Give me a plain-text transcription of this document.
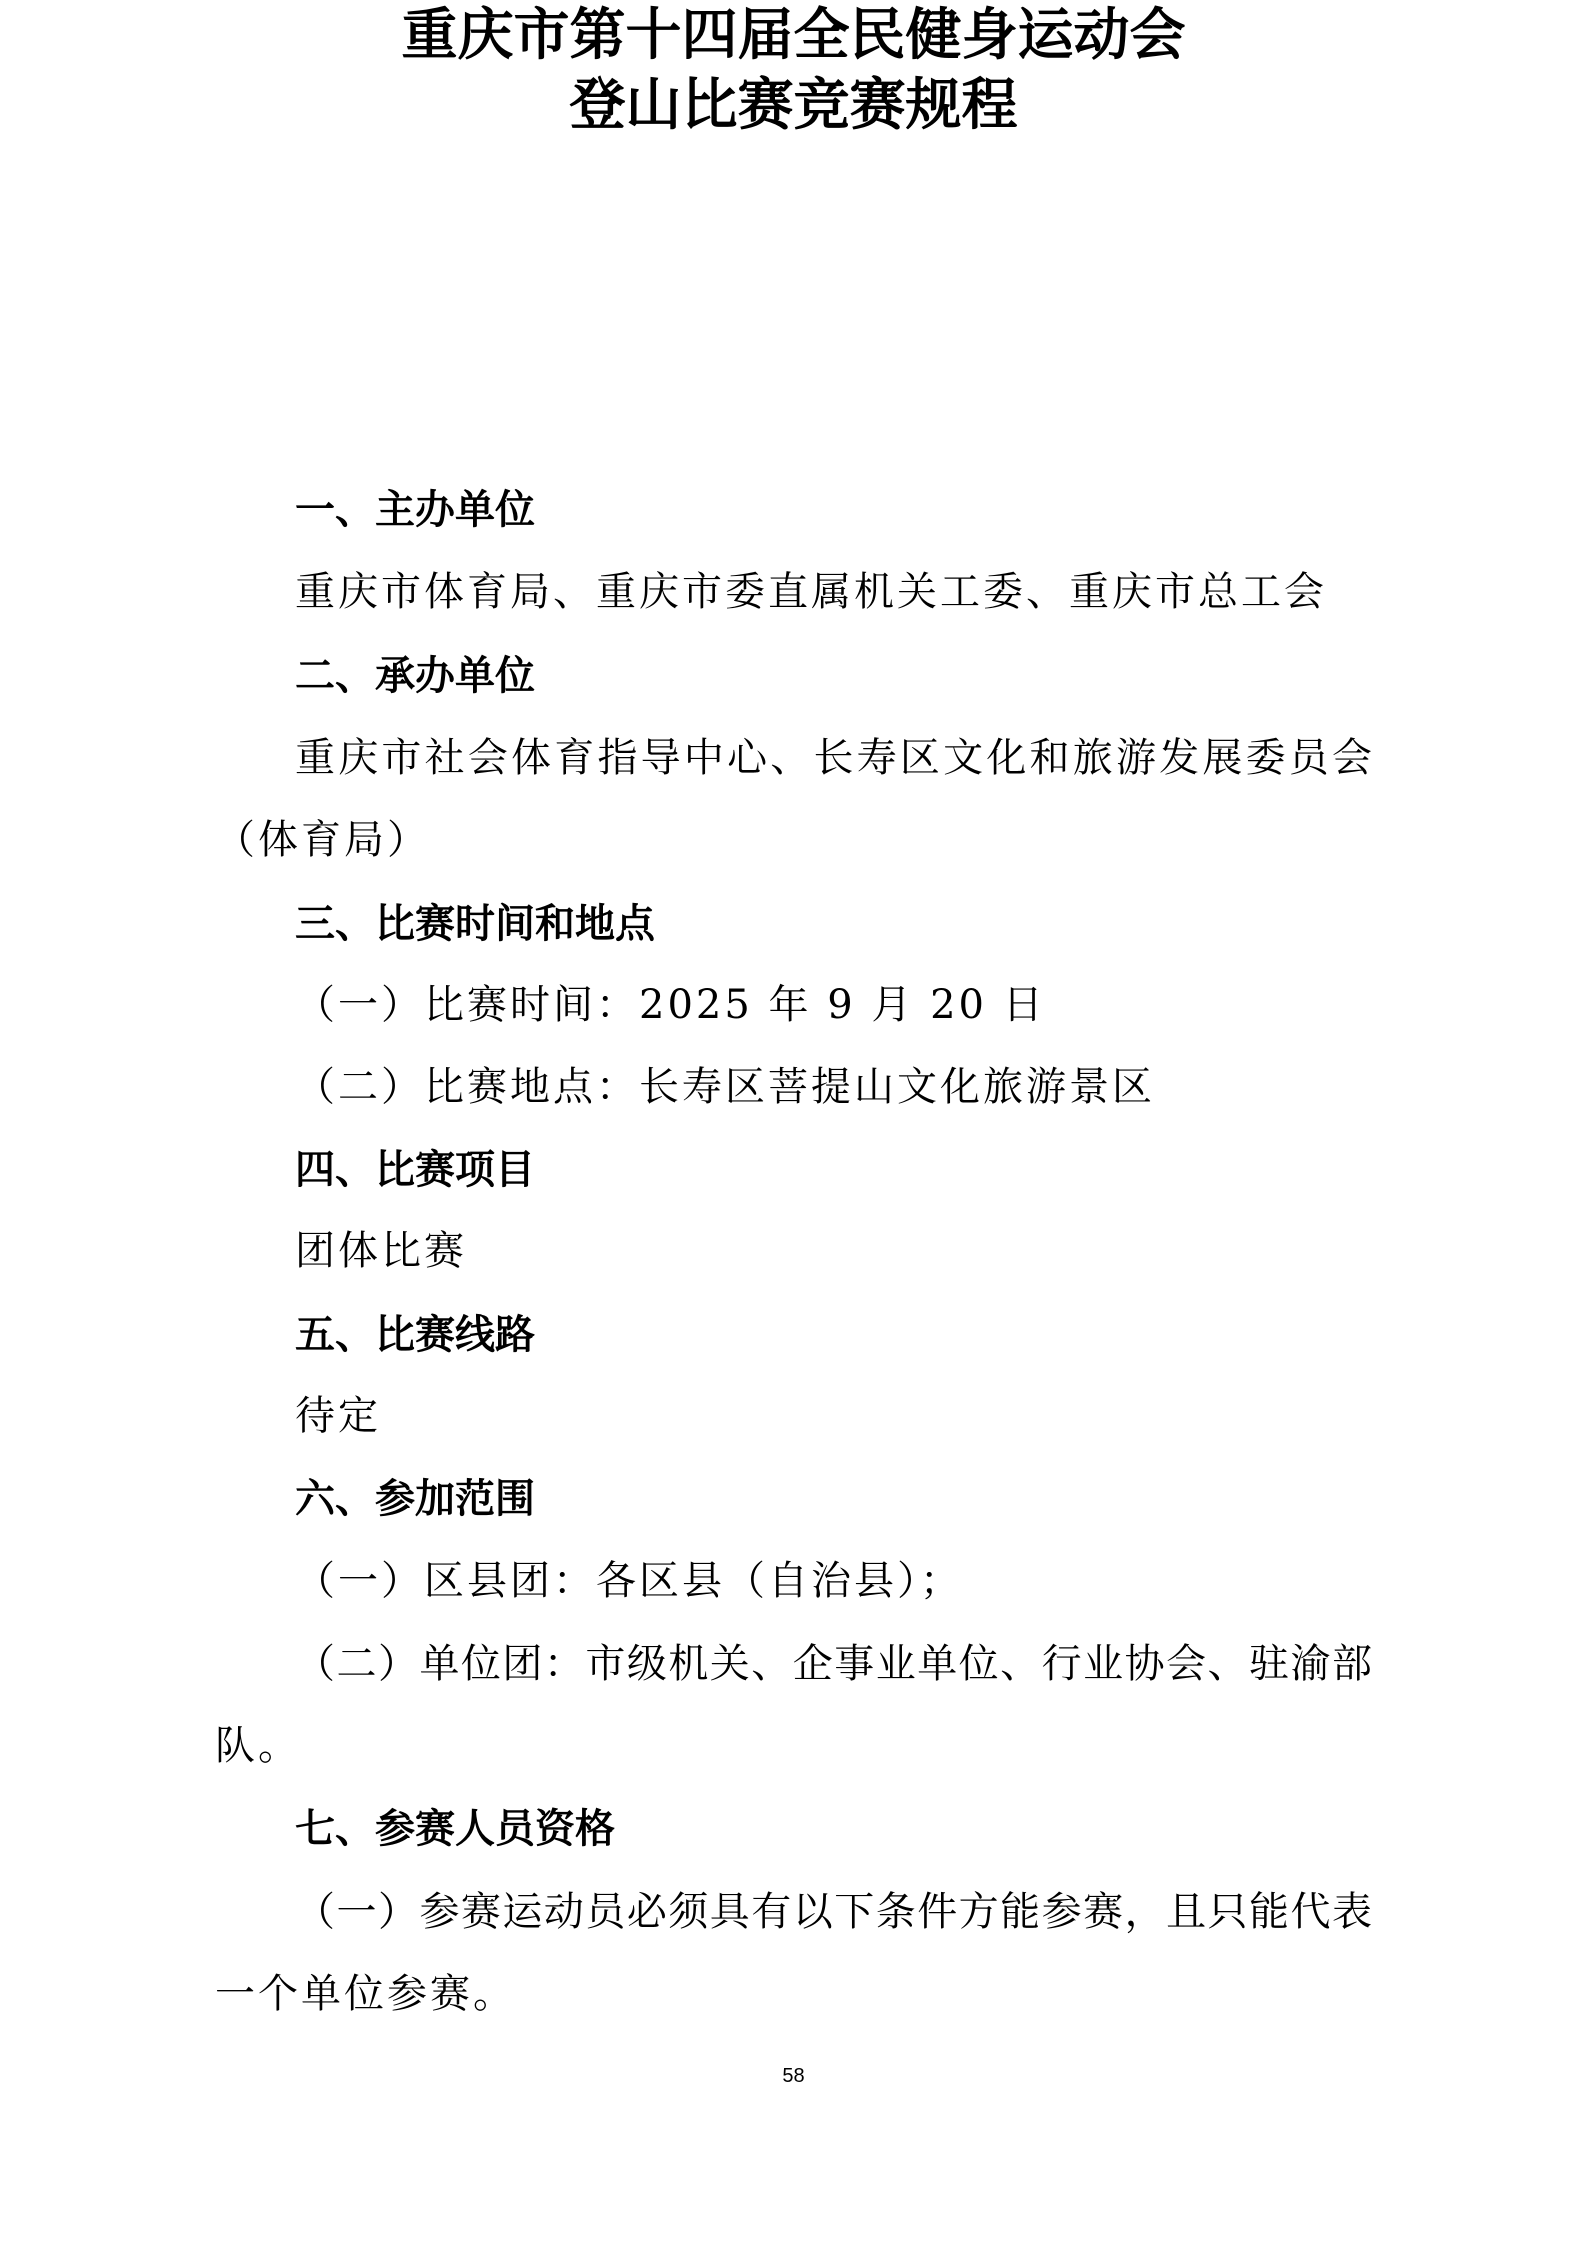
重庆市第十四届全民健身运动会
登山比赛竞赛规程
一、主办单位
重庆市体育局、重庆市委直属机关工委、重庆市总工会
二、承办单位
重庆市社会体育指导中心、长寿区文化和旅游发展委员会
（体育局）
三、比赛时间和地点
（一）比赛时间：2025 年 9 月 20 日
（二）比赛地点：长寿区菩提山文化旅游景区
四、比赛项目
团体比赛
五、比赛线路
待定
六、参加范围
（一）区县团：各区县（自治县）；
（二）单位团：市级机关、企事业单位、行业协会、驻渝部
队。
七、参赛人员资格
（一）参赛运动员必须具有以下条件方能参赛，且只能代表
一个单位参赛。
58
